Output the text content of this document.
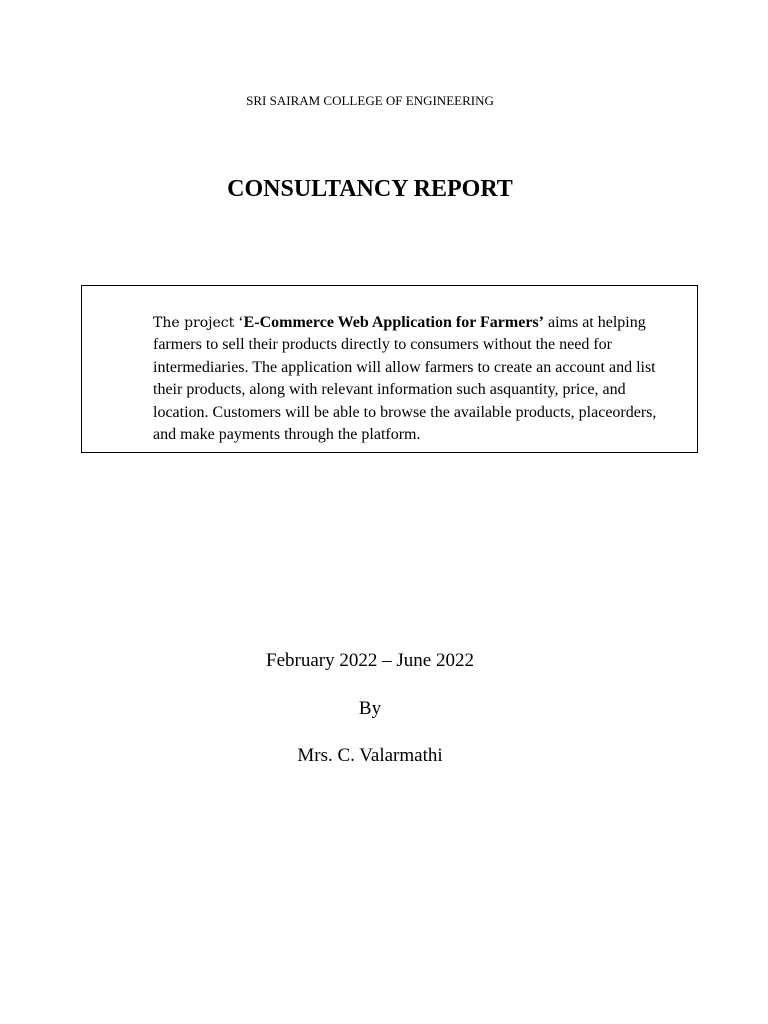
SRI SAIRAM COLLEGE OF ENGINEERING
CONSULTANCY REPORT
The project ‘E-Commerce Web Application for Farmers’ aims at helping farmers to sell their products directly to consumers without the need for intermediaries. The application will allow farmers to create an account and list their products, along with relevant information such asquantity, price, and location. Customers will be able to browse the available products, placeorders, and make payments through the platform.
February 2022 – June 2022
By
Mrs. C. Valarmathi
